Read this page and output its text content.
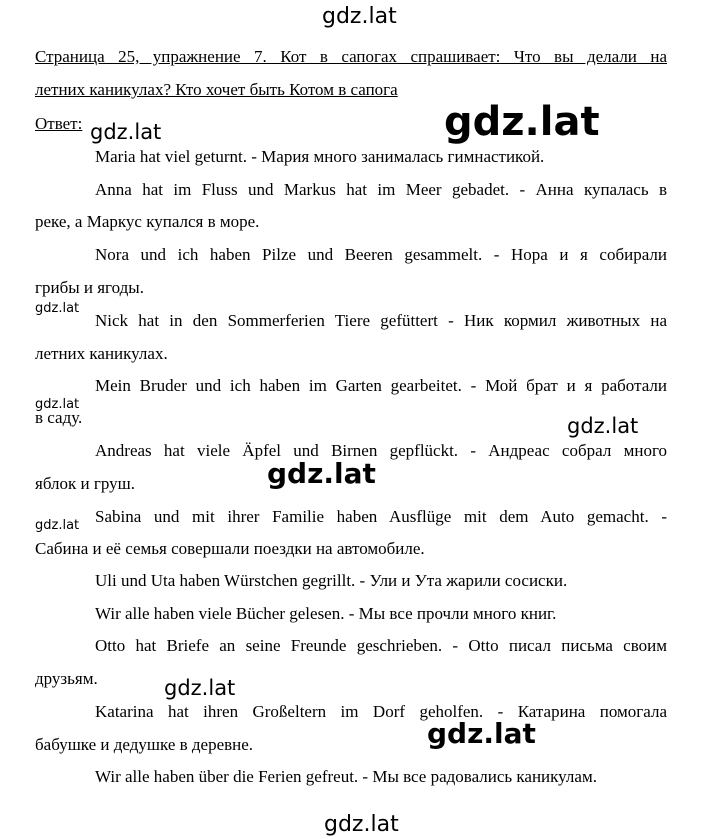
Страница 25, упражнение 7. Кот в сапогах спрашивает: Что вы делали на
летних каникулах? Кто хочет быть Котом в сапога
Ответ:
Maria hat viel geturnt. - Мария много занималась гимнастикой.
Anna hat im Fluss und Markus hat im Meer gebadet. - Анна купалась в
реке, а Маркус купался в море.
Nora und ich haben Pilze und Beeren gesammelt. - Нора и я собирали
грибы и ягоды.
Nick hat in den Sommerferien Tiere gefüttert - Ник кормил животных на
летних каникулах.
Mein Bruder und ich haben im Garten gearbeitet. - Мой брат и я работали
в саду.
Andreas hat viele Äpfel und Birnen gepflückt. - Андреас собрал много
яблок и груш.
Sabina und mit ihrer Familie haben Ausflüge mit dem Auto gemacht. -
Сабина и её семья совершали поездки на автомобиле.
Uli und Uta haben Würstchen gegrillt. - Ули и Ута жарили сосиски.
Wir alle haben viele Bücher gelesen. - Мы все прочли много книг.
Otto hat Briefe an seine Freunde geschrieben. - Otto писал письма своим
друзьям.
Katarina hat ihren Großeltern im Dorf geholfen. - Катарина помогала
бабушке и дедушке в деревне.
Wir alle haben über die Ferien gefreut. - Мы все радовались каникулам.
gdz.lat
gdz.lat
gdz.lat
gdz.lat
gdz.lat
gdz.lat
gdz.lat
gdz.lat
gdz.lat
gdz.lat
gdz.lat
